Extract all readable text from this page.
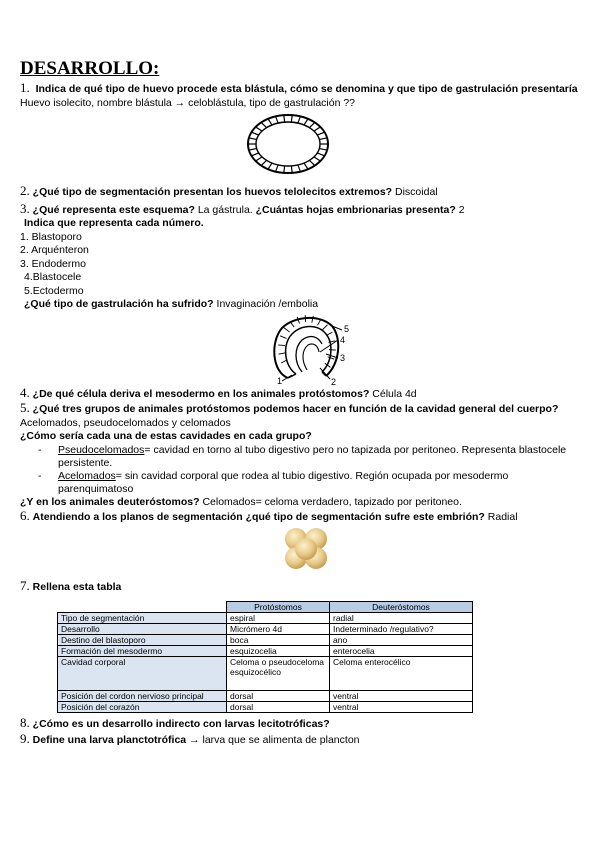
DESARROLLO:

1. Indica de qué tipo de huevo procede esta blástula, cómo se denomina y que tipo de gastrulación presentaría

Huevo isolecito, nombre blástula → celoblástula, tipo de gastrulación ??

2. ¿Qué tipo de segmentación presentan los huevos telolecitos extremos? Discoidal

3. ¿Qué representa este esquema? La gástrula. ¿Cuántas hojas embrionarias presenta? 2

Indica que representa cada número.

1. Blastoporo

2. Arquénteron

3. Endodermo

4.Blastocele

5.Ectodermo

¿Qué tipo de gastrulación ha sufrido? Invaginación /embolia

1	2
3
4
5

4. ¿De qué célula deriva el mesodermo en los animales protóstomos? Célula 4d

5. ¿Qué tres grupos de animales protóstomos podemos hacer en función de la cavidad general del cuerpo? Acelomados, pseudocelomados y celomados

¿Cómo sería cada una de estas cavidades en cada grupo?

- Pseudocelomados= cavidad en torno al tubo digestivo pero no tapizada por peritoneo. Representa blastocele persistente.
- Acelomados= sin cavidad corporal que rodea al tubio digestivo. Región ocupada por mesodermo parenquimatoso

¿Y en los animales deuteróstomos? Celomados= celoma verdadero, tapizado por peritoneo.

6. Atendiendo a los planos de segmentación ¿qué tipo de segmentación sufre este embrión? Radial

7. Rellena esta tabla

	Protóstomos	Deuteróstomos
Tipo de segmentación	espiral	radial
Desarrollo	Micrómero 4d	Indeterminado /regulativo?
Destino del blastoporo	boca	ano
Formación del mesodermo	esquizocelia	enterocelia
Cavidad corporal	Celoma o pseudoceloma esquizocélico	Celoma enterocélico
Posición del cordon nervioso principal	dorsal	ventral
Posición del corazón	dorsal	ventral

8. ¿Cómo es un desarrollo indirecto con larvas lecitotróficas?

9. Define una larva planctotrófica → larva que se alimenta de plancton
